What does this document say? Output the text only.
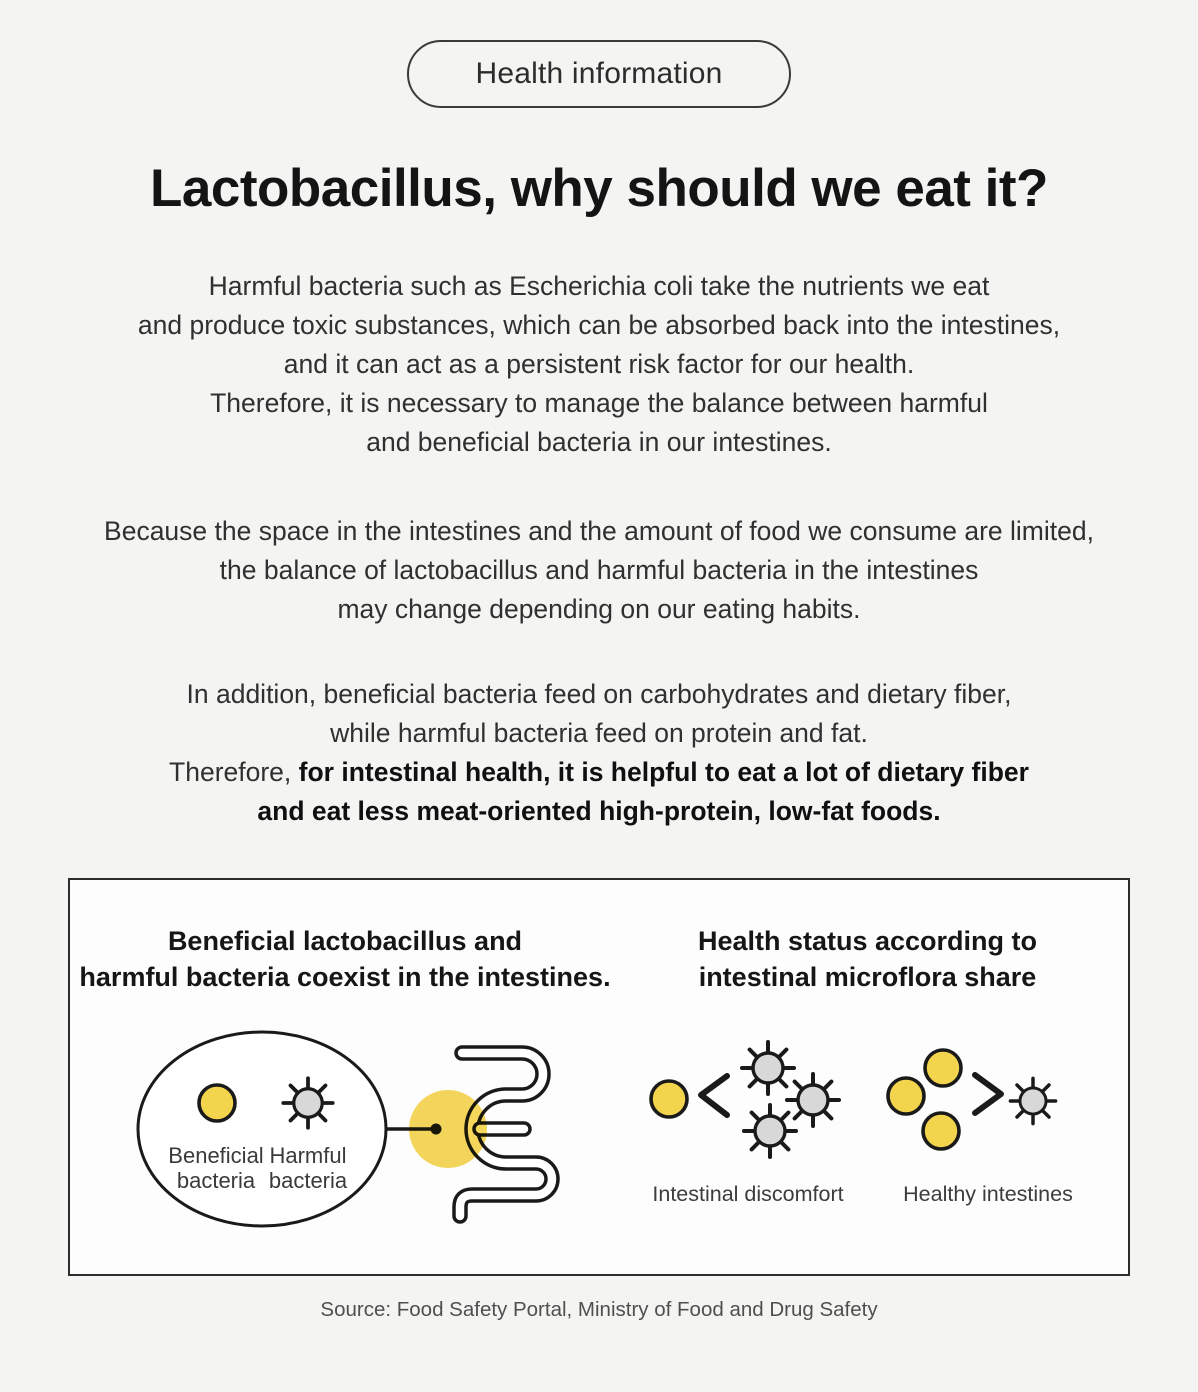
Health information
Lactobacillus, why should we eat it?
Harmful bacteria such as Escherichia coli take the nutrients we eat
and produce toxic substances, which can be absorbed back into the intestines,
and it can act as a persistent risk factor for our health.
Therefore, it is necessary to manage the balance between harmful
and beneficial bacteria in our intestines.
Because the space in the intestines and the amount of food we consume are limited,
the balance of lactobacillus and harmful bacteria in the intestines
may change depending on our eating habits.
In addition, beneficial bacteria feed on carbohydrates and dietary fiber,
while harmful bacteria feed on protein and fat.
Therefore, for intestinal health, it is helpful to eat a lot of dietary fiber
and eat less meat-oriented high-protein, low-fat foods.
Beneficial lactobacillus and
harmful bacteria coexist in the intestines.
Beneficial
bacteria
Harmful
bacteria
Health status according to
intestinal microflora share
Intestinal discomfort	Healthy intestines
Source: Food Safety Portal, Ministry of Food and Drug Safety
